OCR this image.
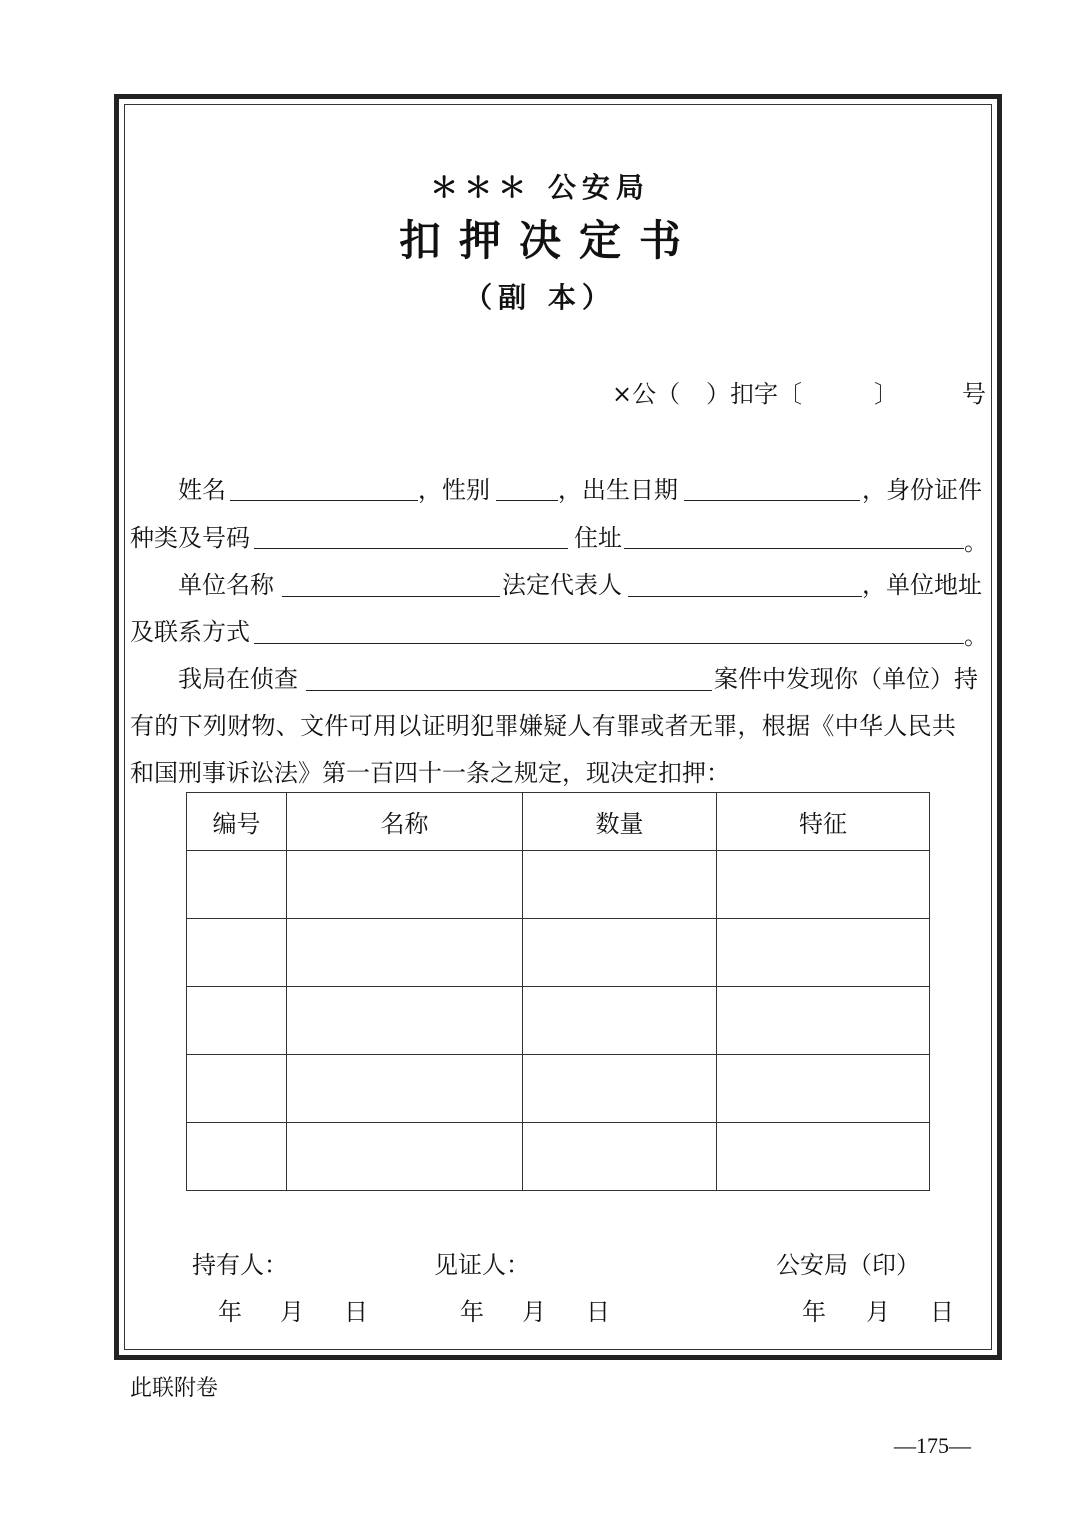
＊＊＊ 公安局
扣押决定书
（副 本）
×公（ ）扣字〔	〕	号
姓名	，性别	，出生日期	，身份证件
种类及号码	住址	。
单位名称	法定代表人	，单位地址
及联系方式	。
我局在侦查	案件中发现你（单位）持
有的下列财物、文件可用以证明犯罪嫌疑人有罪或者无罪，根据《中华人民共
和国刑事诉讼法》第一百四十一条之规定，现决定扣押：
编号	名称	数量	特征

持有人：	见证人：	公安局（印）
年 月 日	年 月 日	年 月 日
此联附卷
—175—
